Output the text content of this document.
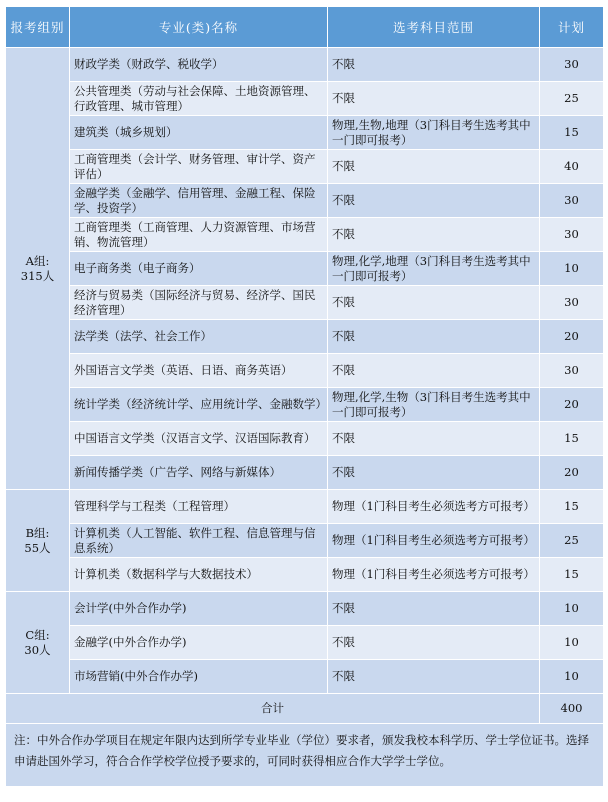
报考组别	专业(类)名称	选考科目范围	计划
A组:
315人	财政学类（财政学、税收学）	不限	30
	公共管理类（劳动与社会保障、土地资源管理、行政管理、城市管理）	不限	25
	建筑类（城乡规划）	物理,生物,地理（3门科目考生选考其中一门即可报考）	15
	工商管理类（会计学、财务管理、审计学、资产评估）	不限	40
	金融学类（金融学、信用管理、金融工程、保险学、投资学）	不限	30
	工商管理类（工商管理、人力资源管理、市场营销、物流管理）	不限	30
	电子商务类（电子商务）	物理,化学,地理（3门科目考生选考其中一门即可报考）	10
	经济与贸易类（国际经济与贸易、经济学、国民经济管理）	不限	30
	法学类（法学、社会工作）	不限	20
	外国语言文学类（英语、日语、商务英语）	不限	30
	统计学类（经济统计学、应用统计学、金融数学）	物理,化学,生物（3门科目考生选考其中一门即可报考）	20
	中国语言文学类（汉语言文学、汉语国际教育）	不限	15
	新闻传播学类（广告学、网络与新媒体）	不限	20
B组:
55人	管理科学与工程类（工程管理）	物理（1门科目考生必须选考方可报考）	15
	计算机类（人工智能、软件工程、信息管理与信息系统）	物理（1门科目考生必须选考方可报考）	25
	计算机类（数据科学与大数据技术）	物理（1门科目考生必须选考方可报考）	15
C组:
30人	会计学(中外合作办学)	不限	10
	金融学(中外合作办学)	不限	10
	市场营销(中外合作办学)	不限	10
合计			400
注：中外合作办学项目在规定年限内达到所学专业毕业（学位）要求者，颁发我校本科学历、学士学位证书。选择申请赴国外学习，符合合作学校学位授予要求的，可同时获得相应合作大学学士学位。			
